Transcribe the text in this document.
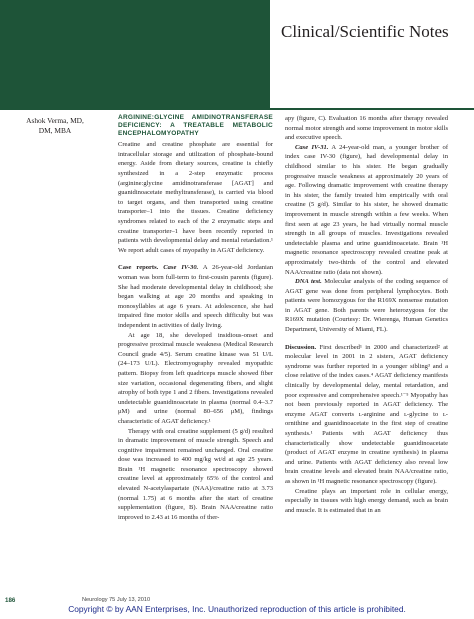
Clinical/Scientific Notes
Ashok Verma, MD,
DM, MBA
ARGININE:GLYCINE AMIDINOTRANSFERASE DEFICIENCY: A TREATABLE METABOLIC ENCEPHALOMYOPATHY

Creatine and creatine phosphate are essential for intracellular storage and utilization of phosphate-bound energy. Aside from dietary sources, creatine is chiefly synthesized in a 2-step enzymatic process (arginine:glycine amidinotransferase [AGAT] and guanidinoacetate methyltransferase), is carried via blood to target organs, and then transported using creatine transporter–1 into the tissues. Creatine deficiency syndromes related to each of the 2 enzymatic steps and creatine transporter–1 have been recently reported in patients with developmental delay and mental retardation.¹ We report adult cases of myopathy in AGAT deficiency.

Case reports. Case IV-30. A 26-year-old Jordanian woman was born full-term to first-cousin parents (figure). She had moderate developmental delay in childhood; she began walking at age 20 months and speaking in monosyllables at age 6 years. At adolescence, she had impaired fine motor skills and speech difficulty but was independent in activities of daily living.

At age 18, she developed insidious-onset and progressive proximal muscle weakness (Medical Research Council grade 4/5). Serum creatine kinase was 51 U/L (24–173 U/L). Electromyography revealed myopathic pattern. Biopsy from left quadriceps muscle showed fiber size variation, occasional degenerating fibers, and slight atrophy of both type 1 and 2 fibers. Investigations revealed undetectable guanidinoacetate in plasma (normal 0.4–3.7 μM) and urine (normal 80–656 μM), findings characteristic of AGAT deficiency.¹

Therapy with oral creatine supplement (5 g/d) resulted in dramatic improvement of muscle strength. Speech and cognitive impairment remained unchanged. Oral creatine dose was increased to 400 mg/kg wt/d at age 25 years. Brain ¹H magnetic resonance spectroscopy showed creatine level at approximately 65% of the control and elevated N-acetylaspartate (NAA)/creatine ratio at 3.73 (normal 1.75) at 6 months after the start of creatine supplementation (figure, B). Brain NAA/creatine ratio improved to 2.43 at 16 months of ther-

apy (figure, C). Evaluation 16 months after therapy revealed normal motor strength and some improvement in motor skills and executive speech.

Case IV-31. A 24-year-old man, a younger brother of index case IV-30 (figure), had developmental delay in childhood similar to his sister. He began gradually progressive muscle weakness at approximately 20 years of age. Following dramatic improvement with creatine therapy in his sister, the family treated him empirically with oral creatine (5 g/d). Similar to his sister, he showed dramatic improvement in muscle strength within a few weeks. When first seen at age 23 years, he had virtually normal muscle strength in all groups of muscles. Investigations revealed undetectable plasma and urine guanidinoacetate. Brain ¹H magnetic resonance spectroscopy revealed creatine peak at approximately two-thirds of the control and elevated NAA/creatine ratio (data not shown).

DNA test. Molecular analysis of the coding sequence of AGAT gene was done from peripheral lymphocytes. Both patients were homozygous for the R169X nonsense mutation in AGAT gene. Both parents were heterozygous for the R169X mutation (Courtesy: Dr. Wierenga, Human Genetics Department, University of Miami, FL).

Discussion. First described¹ in 2000 and characterized² at molecular level in 2001 in 2 sisters, AGAT deficiency syndrome was further reported in a younger sibling³ and a close relative of the index cases.⁴ AGAT deficiency manifests clinically by developmental delay, mental retardation, and poor expressive and comprehensive speech.¹⁻⁵ Myopathy has not been previously reported in AGAT deficiency. The enzyme AGAT converts ʟ-arginine and ʟ-glycine to ʟ-ornithine and guanidinoacetate in the first step of creatine synthesis.¹ Patients with AGAT deficiency thus characteristically show undetectable guanidinoacetate (product of AGAT enzyme in creatine synthesis) in plasma and urine. Patients with AGAT deficiency also reveal low brain creatine levels and elevated brain NAA/creatine ratio, as shown in ¹H magnetic resonance spectroscopy (figure).

Creatine plays an important role in cellular energy, especially in tissues with high energy demand, such as brain and muscle. It is estimated that in an

186	Neurology 75 July 13, 2010
Copyright © by AAN Enterprises, Inc. Unauthorized reproduction of this article is prohibited.
